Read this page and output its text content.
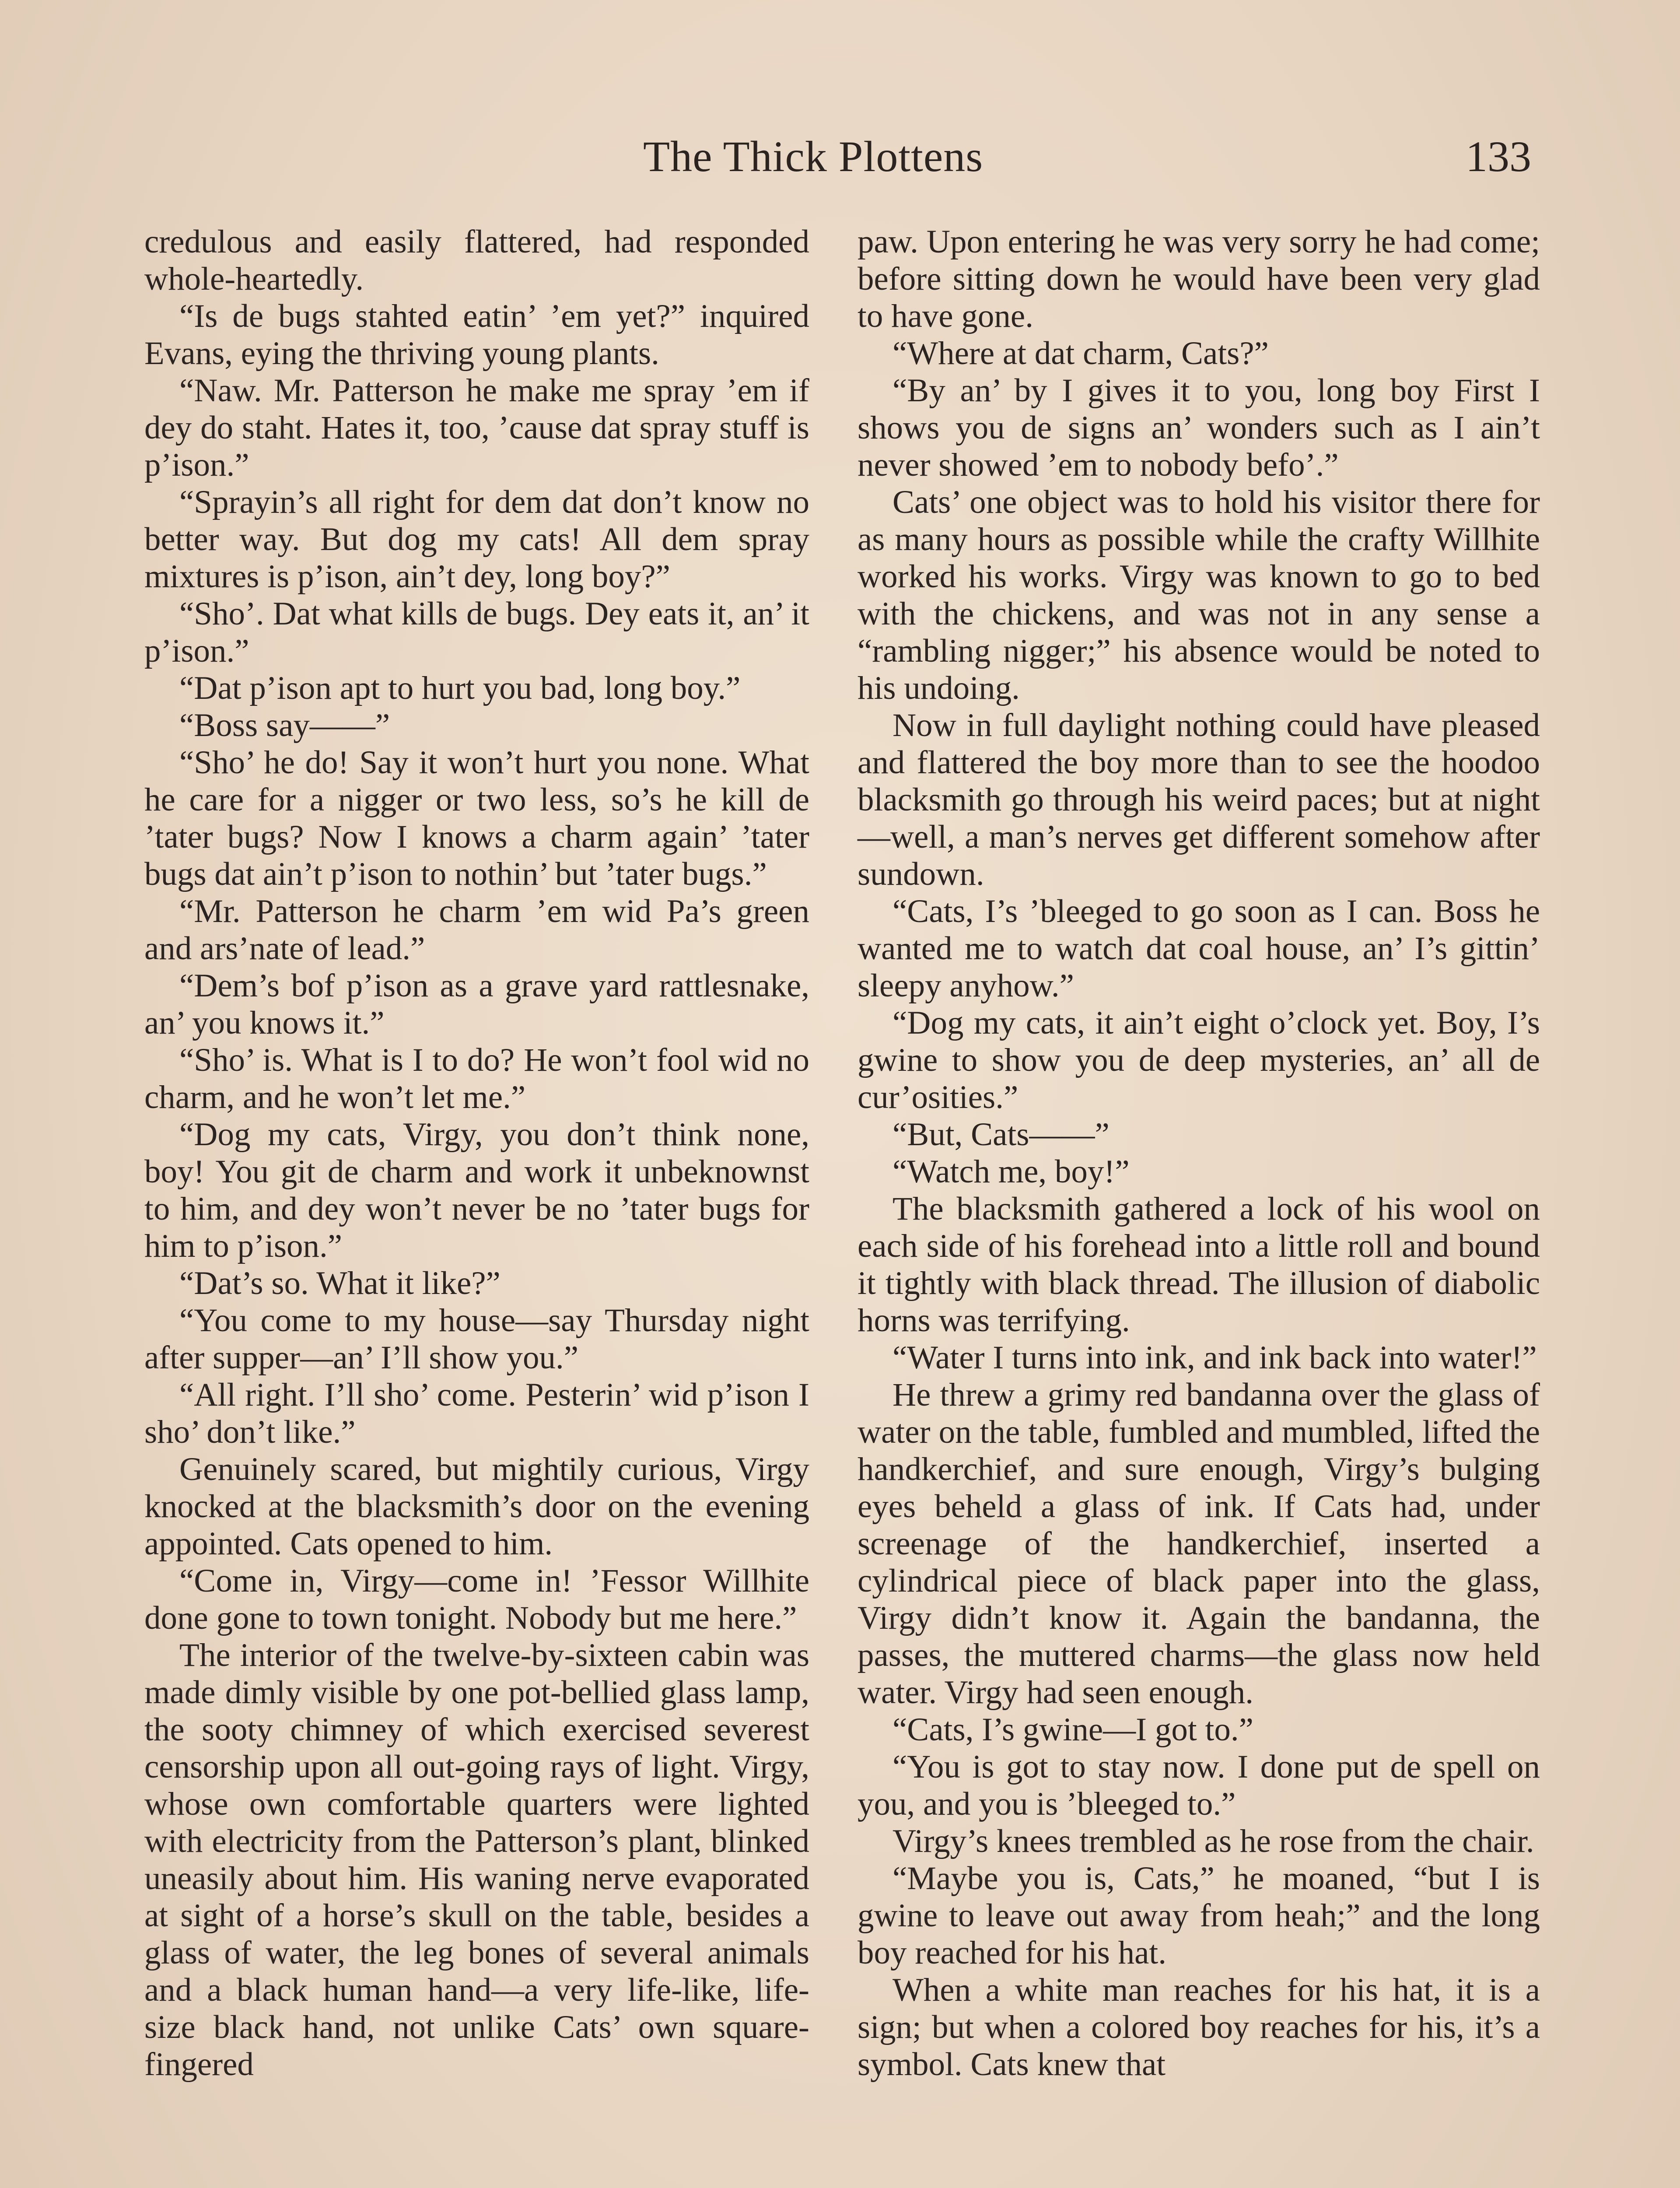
The Thick Plottens	133

credulous and easily flattered, had responded whole-heartedly.

“Is de bugs stahted eatin’ ’em yet?” inquired Evans, eying the thriving young plants.

“Naw. Mr. Patterson he make me spray ’em if dey do staht. Hates it, too, ’cause dat spray stuff is p’ison.”

“Sprayin’s all right for dem dat don’t know no better way. But dog my cats! All dem spray mixtures is p’ison, ain’t dey, long boy?”

“Sho’. Dat what kills de bugs. Dey eats it, an’ it p’ison.”

“Dat p’ison apt to hurt you bad, long boy.”

“Boss say——”

“Sho’ he do! Say it won’t hurt you none. What he care for a nigger or two less, so’s he kill de ’tater bugs? Now I knows a charm again’ ’tater bugs dat ain’t p’ison to nothin’ but ’tater bugs.”

“Mr. Patterson he charm ’em wid Pa’s green and ars’nate of lead.”

“Dem’s bof p’ison as a grave yard rattlesnake, an’ you knows it.”

“Sho’ is. What is I to do? He won’t fool wid no charm, and he won’t let me.”

“Dog my cats, Virgy, you don’t think none, boy! You git de charm and work it unbeknownst to him, and dey won’t never be no ’tater bugs for him to p’ison.”

“Dat’s so. What it like?”

“You come to my house—say Thursday night after supper—an’ I’ll show you.”

“All right. I’ll sho’ come. Pesterin’ wid p’ison I sho’ don’t like.”

Genuinely scared, but mightily curious, Virgy knocked at the blacksmith’s door on the evening appointed. Cats opened to him.

“Come in, Virgy—come in! ’Fessor Willhite done gone to town tonight. Nobody but me here.”

The interior of the twelve-by-sixteen cabin was made dimly visible by one pot-bellied glass lamp, the sooty chimney of which exercised severest censorship upon all out-going rays of light. Virgy, whose own comfortable quarters were lighted with electricity from the Patterson’s plant, blinked uneasily about him. His waning nerve evaporated at sight of a horse’s skull on the table, besides a glass of water, the leg bones of several animals and a black human hand—a very life-like, life-size black hand, not unlike Cats’ own square-fingered

paw. Upon entering he was very sorry he had come; before sitting down he would have been very glad to have gone.

“Where at dat charm, Cats?”

“By an’ by I gives it to you, long boy First I shows you de signs an’ wonders such as I ain’t never showed ’em to nobody befo’.”

Cats’ one object was to hold his visitor there for as many hours as possible while the crafty Willhite worked his works. Virgy was known to go to bed with the chickens, and was not in any sense a “rambling nigger;” his absence would be noted to his undoing.

Now in full daylight nothing could have pleased and flattered the boy more than to see the hoodoo blacksmith go through his weird paces; but at night—well, a man’s nerves get different somehow after sundown.

“Cats, I’s ’bleeged to go soon as I can. Boss he wanted me to watch dat coal house, an’ I’s gittin’ sleepy anyhow.”

“Dog my cats, it ain’t eight o’clock yet. Boy, I’s gwine to show you de deep mysteries, an’ all de cur’osities.”

“But, Cats——”

“Watch me, boy!”

The blacksmith gathered a lock of his wool on each side of his forehead into a little roll and bound it tightly with black thread. The illusion of diabolic horns was terrifying.

“Water I turns into ink, and ink back into water!”

He threw a grimy red bandanna over the glass of water on the table, fumbled and mumbled, lifted the handkerchief, and sure enough, Virgy’s bulging eyes beheld a glass of ink. If Cats had, under screenage of the handkerchief, inserted a cylindrical piece of black paper into the glass, Virgy didn’t know it. Again the bandanna, the passes, the muttered charms—the glass now held water. Virgy had seen enough.

“Cats, I’s gwine—I got to.”

“You is got to stay now. I done put de spell on you, and you is ’bleeged to.”

Virgy’s knees trembled as he rose from the chair.

“Maybe you is, Cats,” he moaned, “but I is gwine to leave out away from heah;” and the long boy reached for his hat.

When a white man reaches for his hat, it is a sign; but when a colored boy reaches for his, it’s a symbol. Cats knew that
